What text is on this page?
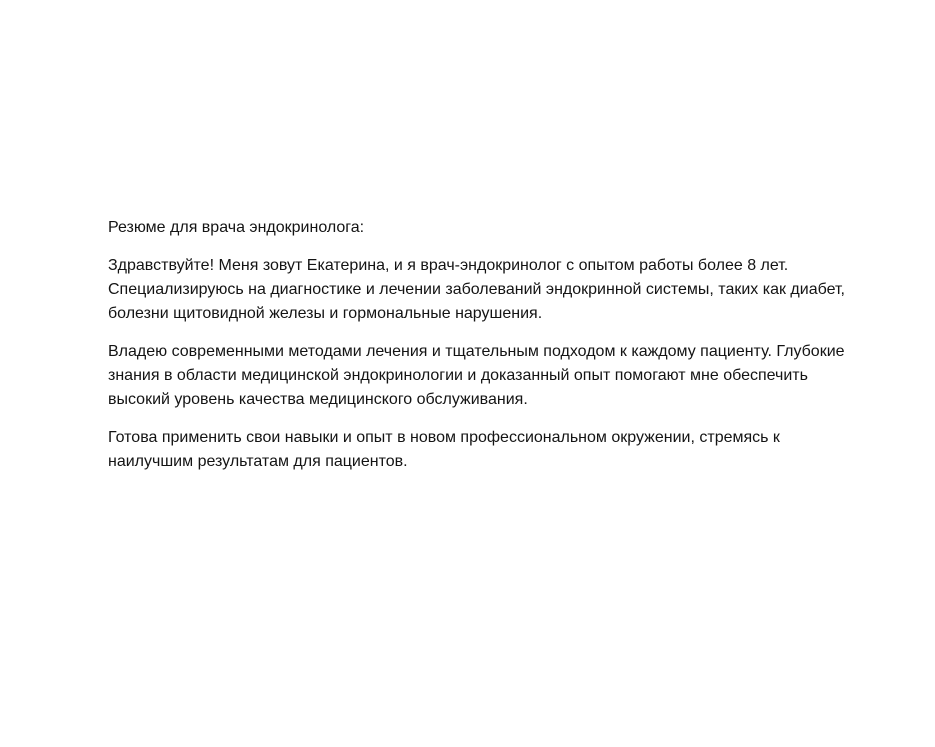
Резюме для врача эндокринолога:

Здравствуйте! Меня зовут Екатерина, и я врач-эндокринолог с опытом работы более 8 лет.
Специализируюсь на диагностике и лечении заболеваний эндокринной системы, таких как диабет,
болезни щитовидной железы и гормональные нарушения.

Владею современными методами лечения и тщательным подходом к каждому пациенту. Глубокие
знания в области медицинской эндокринологии и доказанный опыт помогают мне обеспечить
высокий уровень качества медицинского обслуживания.

Готова применить свои навыки и опыт в новом профессиональном окружении, стремясь к
наилучшим результатам для пациентов.
